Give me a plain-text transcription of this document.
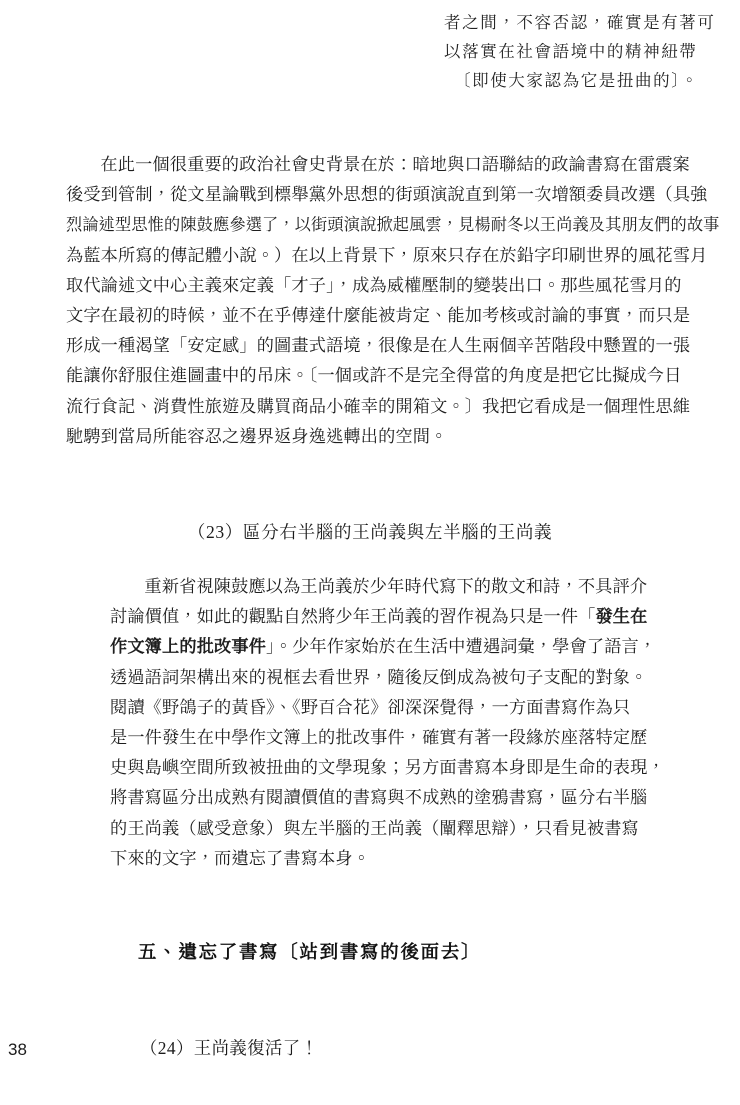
者之間，不容否認，確實是有著可
以落實在社會語境中的精神紐帶
〔即使大家認為它是扭曲的〕。
在此一個很重要的政治社會史背景在於：暗地與口語聯結的政論書寫在雷震案
後受到管制，從文星論戰到標舉黨外思想的街頭演說直到第一次增額委員改選（具強
烈論述型思惟的陳鼓應參選了，以街頭演說掀起風雲，見楊耐冬以王尚義及其朋友們的故事
為藍本所寫的傳記體小說。）在以上背景下，原來只存在於鉛字印刷世界的風花雪月
取代論述文中心主義來定義「才子」，成為威權壓制的變裝出口。那些風花雪月的
文字在最初的時候，並不在乎傳達什麼能被肯定、能加考核或討論的事實，而只是
形成一種渴望「安定感」的圖畫式語境，很像是在人生兩個辛苦階段中懸置的一張
能讓你舒服住進圖畫中的吊床。〔一個或許不是完全得當的角度是把它比擬成今日
流行食記、消費性旅遊及購買商品小確幸的開箱文。〕我把它看成是一個理性思維
馳騁到當局所能容忍之邊界返身逸逃轉出的空間。
（23）區分右半腦的王尚義與左半腦的王尚義
重新省視陳鼓應以為王尚義於少年時代寫下的散文和詩，不具評介
討論價值，如此的觀點自然將少年王尚義的習作視為只是一件「發生在
作文簿上的批改事件」。少年作家始於在生活中遭遇詞彙，學會了語言，
透過語詞架構出來的視框去看世界，隨後反倒成為被句子支配的對象。
閱讀《野鴿子的黃昏》、《野百合花》卻深深覺得，一方面書寫作為只
是一件發生在中學作文簿上的批改事件，確實有著一段緣於座落特定歷
史與島嶼空間所致被扭曲的文學現象；另方面書寫本身即是生命的表現，
將書寫區分出成熟有閱讀價值的書寫與不成熟的塗鴉書寫，區分右半腦
的王尚義（感受意象）與左半腦的王尚義（闡釋思辯），只看見被書寫
下來的文字，而遺忘了書寫本身。
五、遺忘了書寫〔站到書寫的後面去〕
（24）王尚義復活了！
38
